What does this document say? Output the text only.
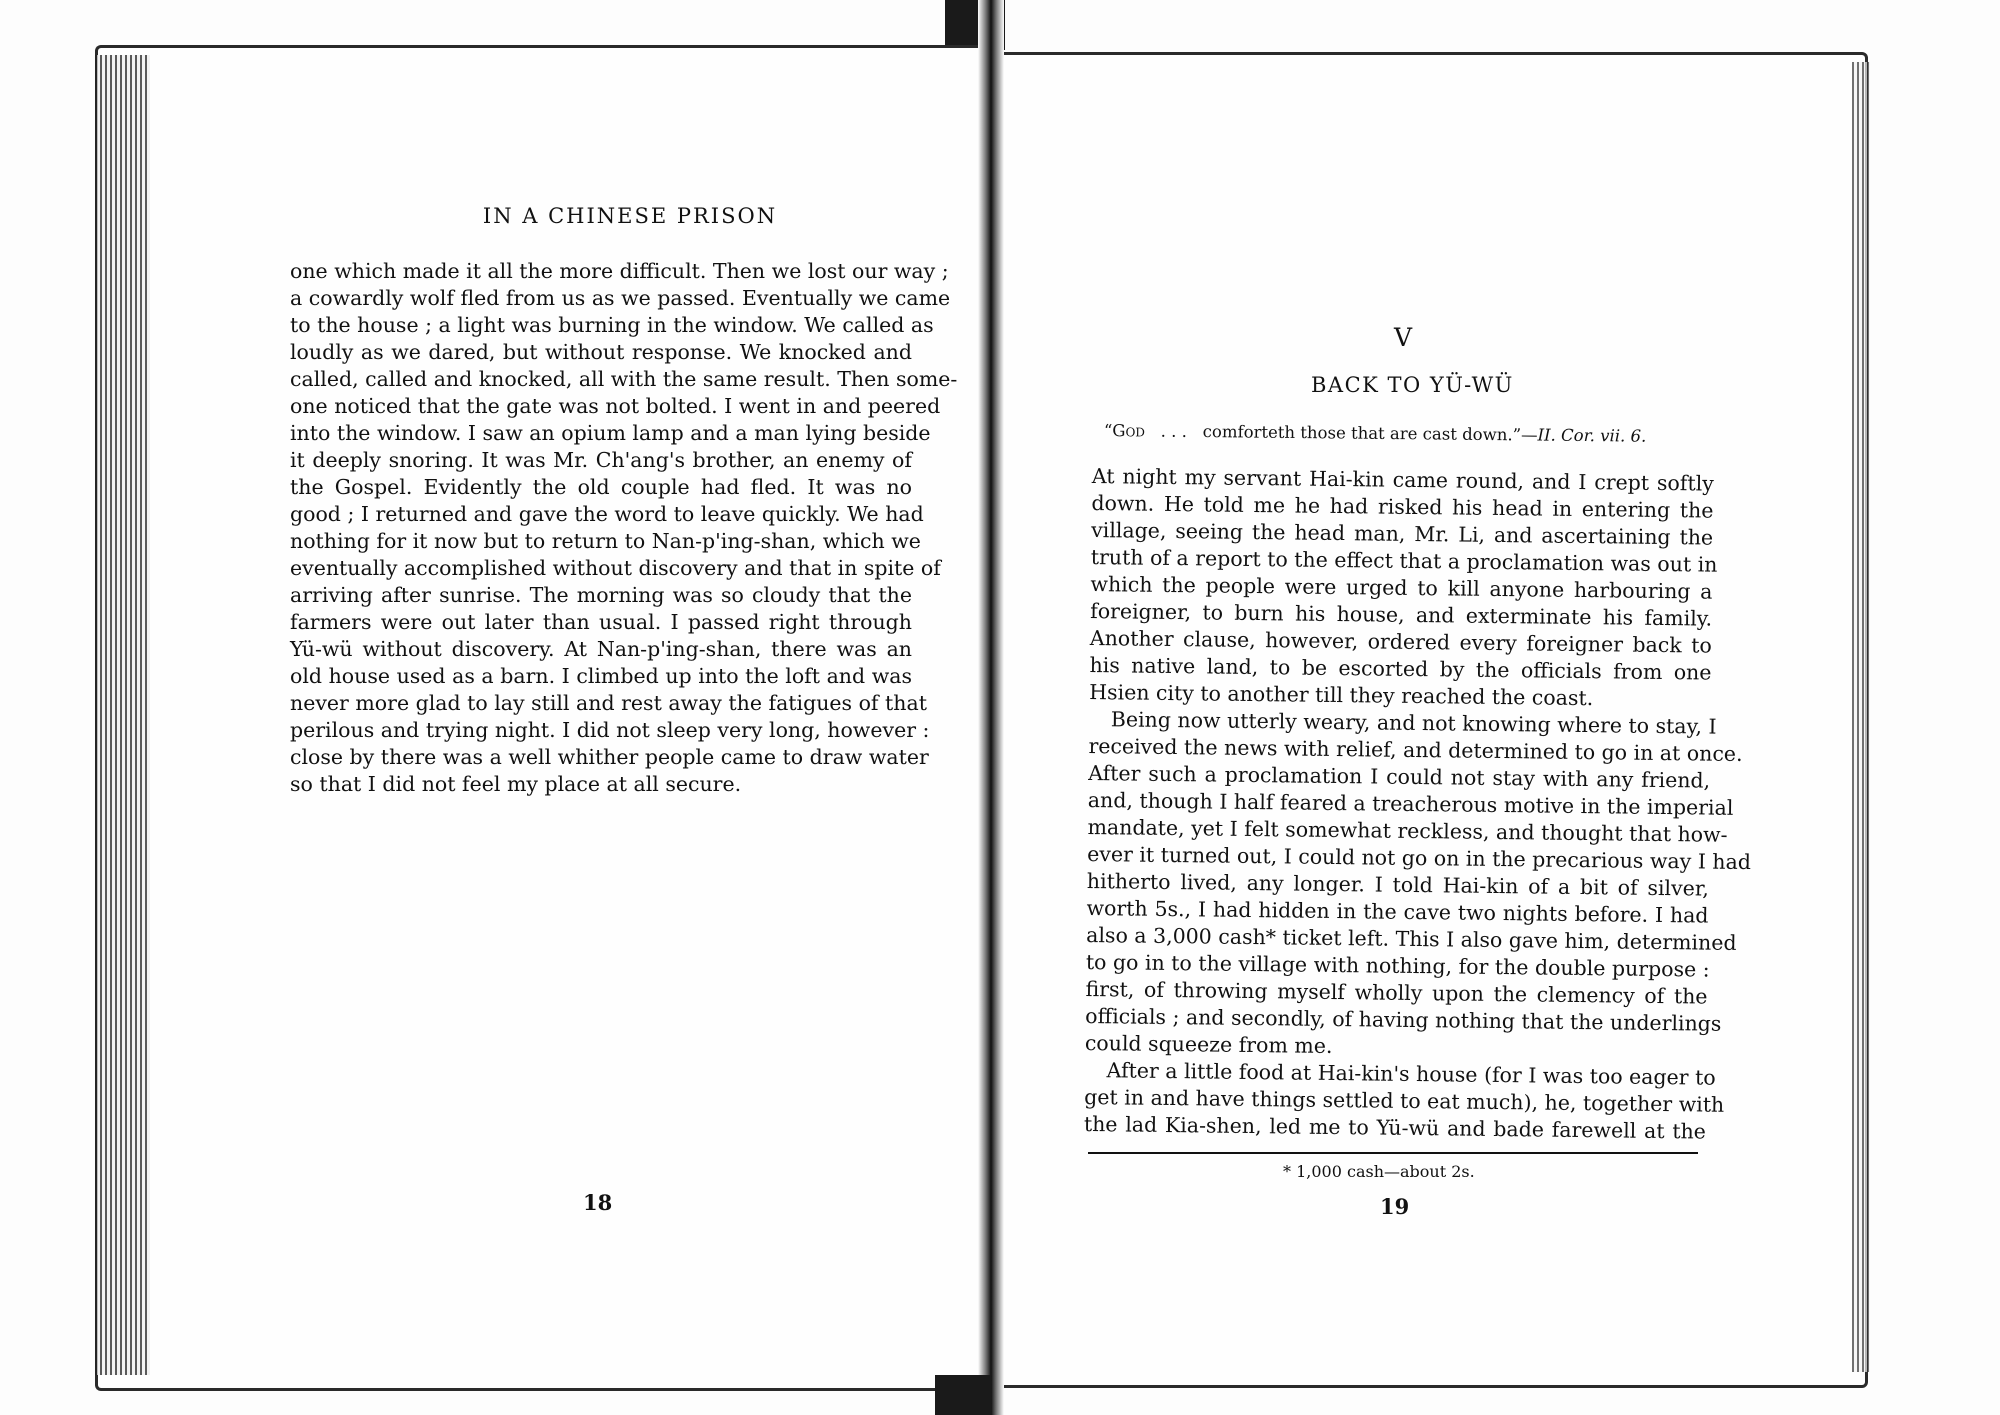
IN A CHINESE PRISON
one which made it all the more difficult. Then we lost our way ;
a cowardly wolf fled from us as we passed. Eventually we came
to the house ; a light was burning in the window. We called as
loudly as we dared, but without response. We knocked and
called, called and knocked, all with the same result. Then some-
one noticed that the gate was not bolted. I went in and peered
into the window. I saw an opium lamp and a man lying beside
it deeply snoring. It was Mr. Ch'ang's brother, an enemy of
the Gospel. Evidently the old couple had fled. It was no
good ; I returned and gave the word to leave quickly. We had
nothing for it now but to return to Nan-p'ing-shan, which we
eventually accomplished without discovery and that in spite of
arriving after sunrise. The morning was so cloudy that the
farmers were out later than usual. I passed right through
Yü-wü without discovery. At Nan-p'ing-shan, there was an
old house used as a barn. I climbed up into the loft and was
never more glad to lay still and rest away the fatigues of that
perilous and trying night. I did not sleep very long, however :
close by there was a well whither people came to draw water
so that I did not feel my place at all secure.
18
V
BACK TO YÜ-WÜ
“God . . . comforteth those that are cast down.”—II. Cor. vii. 6.
At night my servant Hai-kin came round, and I crept softly
down. He told me he had risked his head in entering the
village, seeing the head man, Mr. Li, and ascertaining the
truth of a report to the effect that a proclamation was out in
which the people were urged to kill anyone harbouring a
foreigner, to burn his house, and exterminate his family.
Another clause, however, ordered every foreigner back to
his native land, to be escorted by the officials from one
Hsien city to another till they reached the coast.
Being now utterly weary, and not knowing where to stay, I
received the news with relief, and determined to go in at once.
After such a proclamation I could not stay with any friend,
and, though I half feared a treacherous motive in the imperial
mandate, yet I felt somewhat reckless, and thought that how-
ever it turned out, I could not go on in the precarious way I had
hitherto lived, any longer. I told Hai-kin of a bit of silver,
worth 5s., I had hidden in the cave two nights before. I had
also a 3,000 cash* ticket left. This I also gave him, determined
to go in to the village with nothing, for the double purpose :
first, of throwing myself wholly upon the clemency of the
officials ; and secondly, of having nothing that the underlings
could squeeze from me.
After a little food at Hai-kin's house (for I was too eager to
get in and have things settled to eat much), he, together with
the lad Kia-shen, led me to Yü-wü and bade farewell at the
* 1,000 cash—about 2s.
19
